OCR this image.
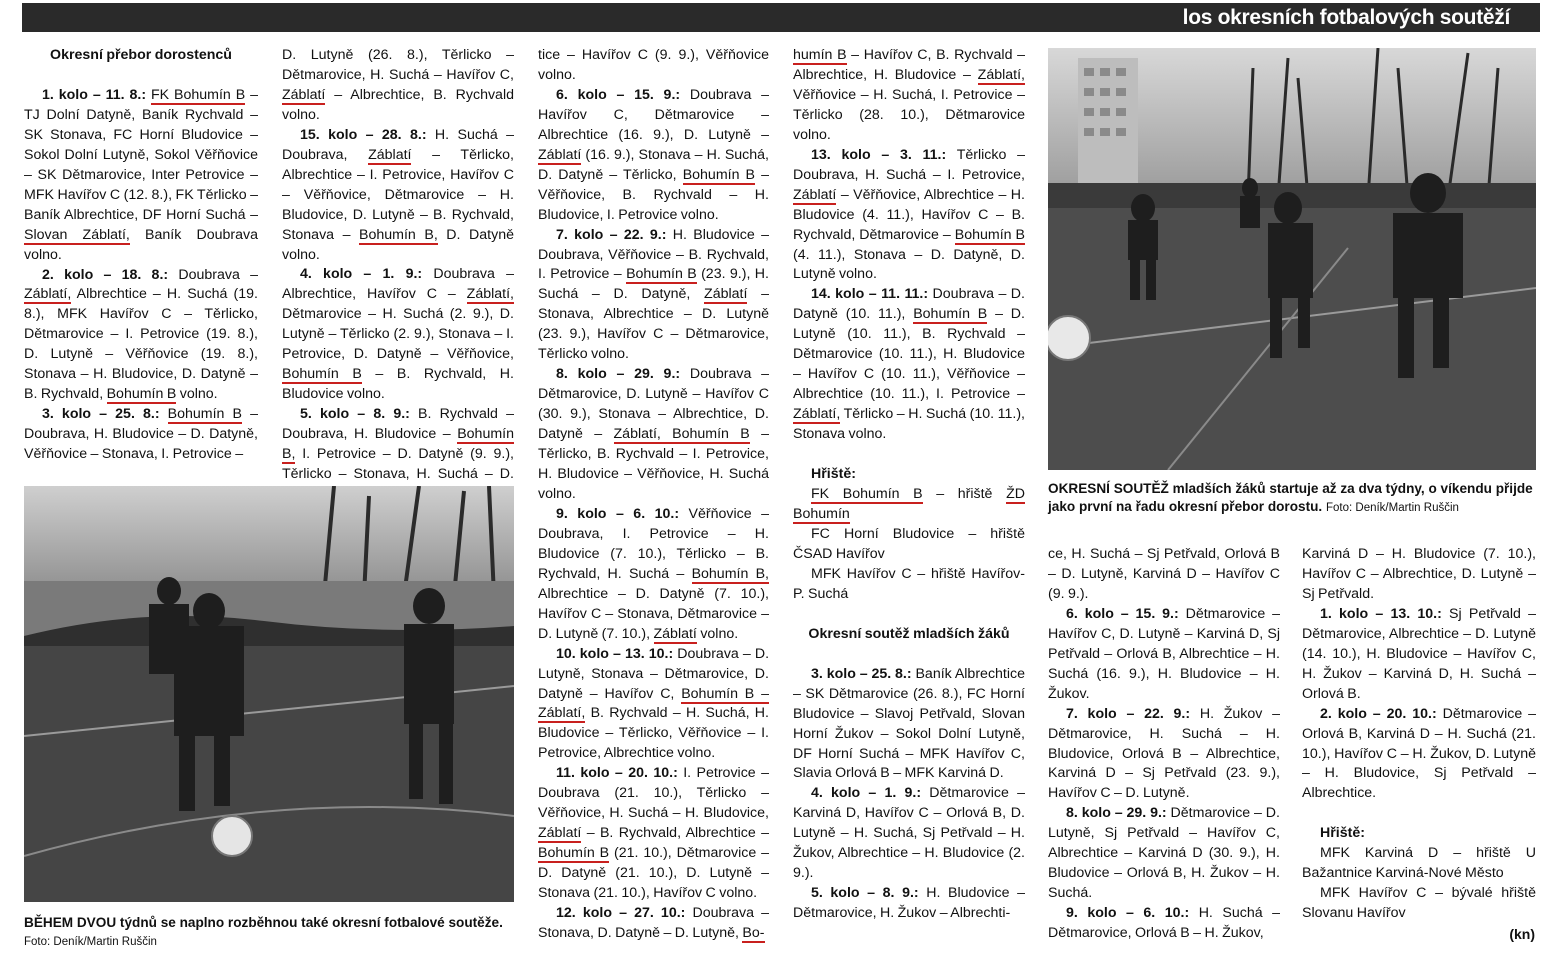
los okresních fotbalových soutěží

Okresní přebor dorostenců

1. kolo – 11. 8.: FK Bohumín B – TJ Dolní Datyně, Baník Rychvald – SK Stonava, FC Horní Bludovice – Sokol Dolní Lutyně, Sokol Věřňovice – SK Dětmarovice, Inter Petrovice – MFK Havířov C (12. 8.), FK Těrlicko – Baník Albrechtice, DF Horní Suchá – Slovan Záblatí, Baník Doubrava volno.

2. kolo – 18. 8.: Doubrava – Záblatí, Albrechtice – H. Suchá (19. 8.), MFK Havířov C – Těrlicko, Dětmarovice – I. Petrovice (19. 8.), D. Lutyně – Věřňovice (19. 8.), Stonava – H. Bludovice, D. Datyně – B. Rychvald, Bohumín B volno.

3. kolo – 25. 8.: Bohumín B – Doubrava, H. Bludovice – D. Datyně, Věřňovice – Stonava, I. Petrovice –

D. Lutyně (26. 8.), Těrlicko – Dětmarovice, H. Suchá – Havířov C, Záblatí – Albrechtice, B. Rychvald volno.

15. kolo – 28. 8.: H. Suchá – Doubrava, Záblatí – Těrlicko, Albrechtice – I. Petrovice, Havířov C – Věřňovice, Dětmarovice – H. Bludovice, D. Lutyně – B. Rychvald, Stonava – Bohumín B, D. Datyně volno.

4. kolo – 1. 9.: Doubrava – Albrechtice, Havířov C – Záblatí, Dětmarovice – H. Suchá (2. 9.), D. Lutyně – Těrlicko (2. 9.), Stonava – I. Petrovice, D. Datyně – Věřňovice, Bohumín B – B. Rychvald, H. Bludovice volno.

5. kolo – 8. 9.: B. Rychvald – Doubrava, H. Bludovice – Bohumín B, I. Petrovice – D. Datyně (9. 9.), Těrlicko – Stonava, H. Suchá – D.

tice – Havířov C (9. 9.), Věřňovice volno.

6. kolo – 15. 9.: Doubrava – Havířov C, Dětmarovice – Albrechtice (16. 9.), D. Lutyně – Záblatí (16. 9.), Stonava – H. Suchá, D. Datyně – Těrlicko, Bohumín B – Věřňovice, B. Rychvald – H. Bludovice, I. Petrovice volno.

7. kolo – 22. 9.: H. Bludovice – Doubrava, Věřňovice – B. Rychvald, I. Petrovice – Bohumín B (23. 9.), H. Suchá – D. Datyně, Záblatí – Stonava, Albrechtice – D. Lutyně (23. 9.), Havířov C – Dětmarovice, Těrlicko volno.

8. kolo – 29. 9.: Doubrava – Dětmarovice, D. Lutyně – Havířov C (30. 9.), Stonava – Albrechtice, D. Datyně – Záblatí, Bohumín B – Těrlicko, B. Rychvald – I. Petrovice, H. Bludovice – Věřňovice, H. Suchá volno.

9. kolo – 6. 10.: Věřňovice – Doubrava, I. Petrovice – H. Bludovice (7. 10.), Těrlicko – B. Rychvald, H. Suchá – Bohumín B, Albrechtice – D. Datyně (7. 10.), Havířov C – Stonava, Dětmarovice – D. Lutyně (7. 10.), Záblatí volno.

10. kolo – 13. 10.: Doubrava – D. Lutyně, Stonava – Dětmarovice, D. Datyně – Havířov C, Bohumín B – Záblatí, B. Rychvald – H. Suchá, H. Bludovice – Těrlicko, Věřňovice – I. Petrovice, Albrechtice volno.

11. kolo – 20. 10.: I. Petrovice – Doubrava (21. 10.), Těrlicko – Věřňovice, H. Suchá – H. Bludovice, Záblatí – B. Rychvald, Albrechtice – Bohumín B (21. 10.), Dětmarovice – D. Datyně (21. 10.), D. Lutyně – Stonava (21. 10.), Havířov C volno.

12. kolo – 27. 10.: Doubrava – Stonava, D. Datyně – D. Lutyně, Bo-

humín B – Havířov C, B. Rychvald – Albrechtice, H. Bludovice – Záblatí, Věřňovice – H. Suchá, I. Petrovice – Těrlicko (28. 10.), Dětmarovice volno.

13. kolo – 3. 11.: Těrlicko – Doubrava, H. Suchá – I. Petrovice, Záblatí – Věřňovice, Albrechtice – H. Bludovice (4. 11.), Havířov C – B. Rychvald, Dětmarovice – Bohumín B (4. 11.), Stonava – D. Datyně, D. Lutyně volno.

14. kolo – 11. 11.: Doubrava – D. Datyně (10. 11.), Bohumín B – D. Lutyně (10. 11.), B. Rychvald – Dětmarovice (10. 11.), H. Bludovice – Havířov C (10. 11.), Věřňovice – Albrechtice (10. 11.), I. Petrovice – Záblatí, Těrlicko – H. Suchá (10. 11.), Stonava volno.

Hřiště:

FK Bohumín B – hřiště ŽD Bohumín

FC Horní Bludovice – hřiště ČSAD Havířov

MFK Havířov C – hřiště Havířov-P. Suchá

Okresní soutěž mladších žáků

3. kolo – 25. 8.: Baník Albrechtice – SK Dětmarovice (26. 8.), FC Horní Bludovice – Slavoj Petřvald, Slovan Horní Žukov – Sokol Dolní Lutyně, DF Horní Suchá – MFK Havířov C, Slavia Orlová B – MFK Karviná D.

4. kolo – 1. 9.: Dětmarovice – Karviná D, Havířov C – Orlová B, D. Lutyně – H. Suchá, Sj Petřvald – H. Žukov, Albrechtice – H. Bludovice (2. 9.).

5. kolo – 8. 9.: H. Bludovice – Dětmarovice, H. Žukov – Albrechti-

ce, H. Suchá – Sj Petřvald, Orlová B – D. Lutyně, Karviná D – Havířov C (9. 9.).

6. kolo – 15. 9.: Dětmarovice – Havířov C, D. Lutyně – Karviná D, Sj Petřvald – Orlová B, Albrechtice – H. Suchá (16. 9.), H. Bludovice – H. Žukov.

7. kolo – 22. 9.: H. Žukov – Dětmarovice, H. Suchá – H. Bludovice, Orlová B – Albrechtice, Karviná D – Sj Petřvald (23. 9.), Havířov C – D. Lutyně.

8. kolo – 29. 9.: Dětmarovice – D. Lutyně, Sj Petřvald – Havířov C, Albrechtice – Karviná D (30. 9.), H. Bludovice – Orlová B, H. Žukov – H. Suchá.

9. kolo – 6. 10.: H. Suchá – Dětmarovice, Orlová B – H. Žukov,

Karviná D – H. Bludovice (7. 10.), Havířov C – Albrechtice, D. Lutyně – Sj Petřvald.

1. kolo – 13. 10.: Sj Petřvald – Dětmarovice, Albrechtice – D. Lutyně (14. 10.), H. Bludovice – Havířov C, H. Žukov – Karviná D, H. Suchá – Orlová B.

2. kolo – 20. 10.: Dětmarovice – Orlová B, Karviná D – H. Suchá (21. 10.), Havířov C – H. Žukov, D. Lutyně – H. Bludovice, Sj Petřvald – Albrechtice.

Hřiště:

MFK Karviná D – hřiště U Bažantnice Karviná-Nové Město

MFK Havířov C – bývalé hřiště Slovanu Havířov

OKRESNÍ SOUTĚŽ mladších žáků startuje až za dva týdny, o víkendu přijde jako první na řadu okresní přebor dorostu. Foto: Deník/Martin Ruščin
BĚHEM DVOU týdnů se naplno rozběhnou také okresní fotbalové soutěže.
Foto: Deník/Martin Ruščin	(kn)
